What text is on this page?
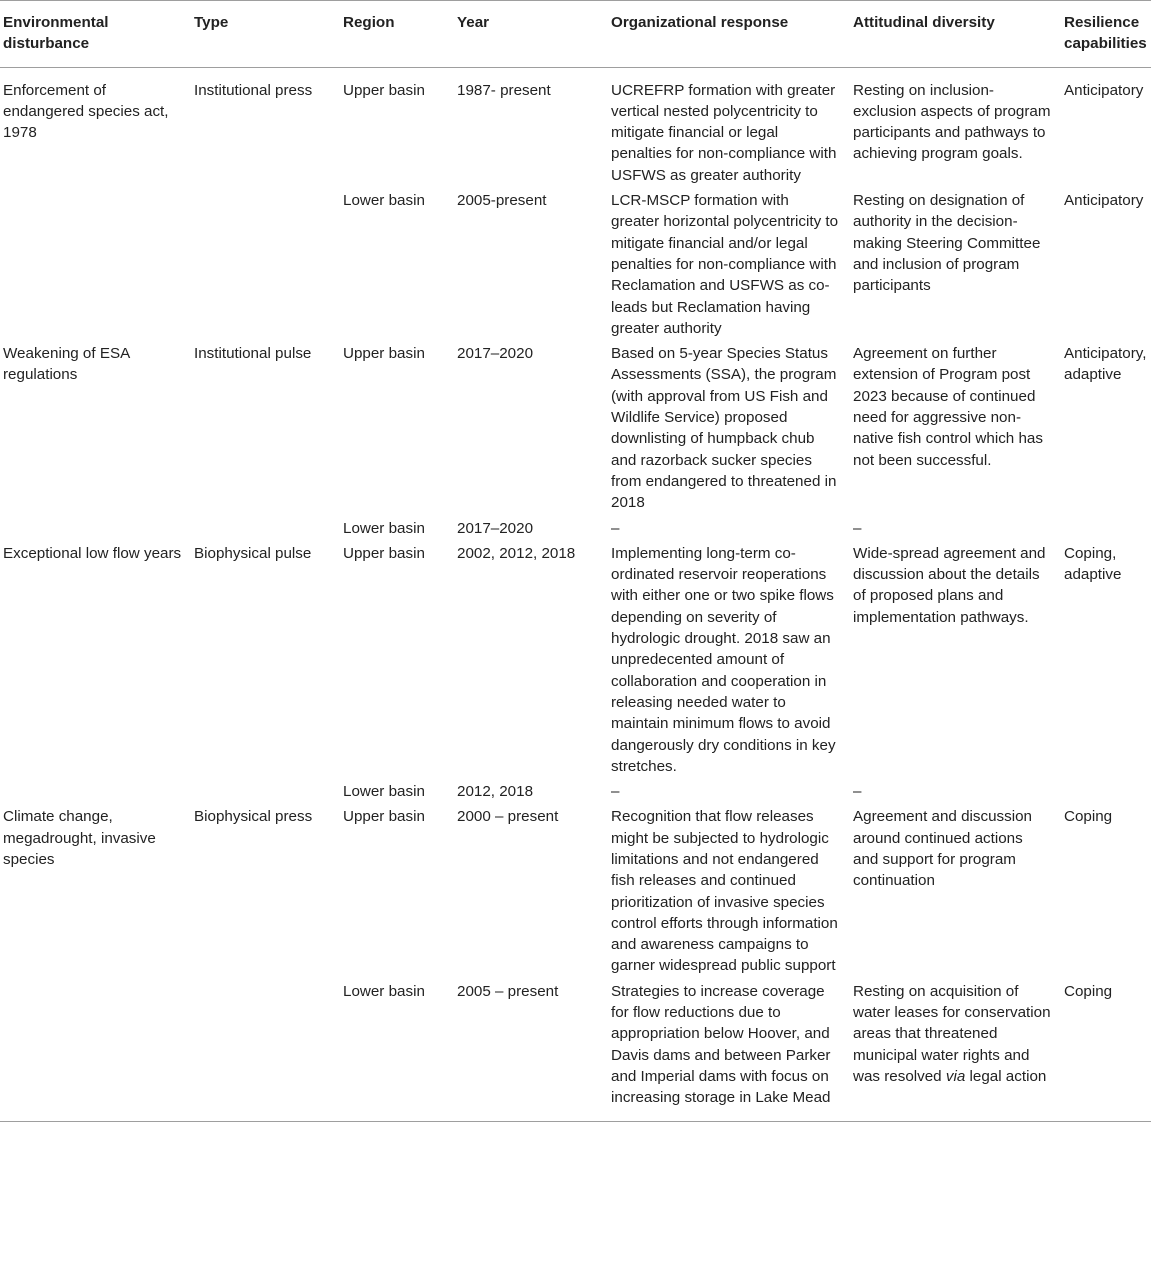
Environmental disturbance	Type	Region	Year	Organizational response	Attitudinal diversity	Resilience capabilities
Enforcement of endangered species act, 1978	Institutional press	Upper basin	1987- present	UCREFRP formation with greater vertical nested polycentricity to mitigate financial or legal penalties for non-compliance with USFWS as greater authority	Resting on inclusion-exclusion aspects of program participants and pathways to achieving program goals.	Anticipatory
		Lower basin	2005-present	LCR-MSCP formation with greater horizontal polycentricity to mitigate financial and/or legal penalties for non-compliance with Reclamation and USFWS as co-leads but Reclamation having greater authority	Resting on designation of authority in the decision-making Steering Committee and inclusion of program participants	Anticipatory
Weakening of ESA regulations	Institutional pulse	Upper basin	2017–2020	Based on 5-year Species Status Assessments (SSA), the program (with approval from US Fish and Wildlife Service) proposed downlisting of humpback chub and razorback sucker species from endangered to threatened in 2018	Agreement on further extension of Program post 2023 because of continued need for aggressive non-native fish control which has not been successful.	Anticipatory, adaptive
		Lower basin	2017–2020	–	–	
Exceptional low flow years	Biophysical pulse	Upper basin	2002, 2012, 2018	Implementing long-term co-ordinated reservoir reoperations with either one or two spike flows depending on severity of hydrologic drought. 2018 saw an unpredecented amount of collaboration and cooperation in releasing needed water to maintain minimum flows to avoid dangerously dry conditions in key stretches.	Wide-spread agreement and discussion about the details of proposed plans and implementation pathways.	Coping, adaptive
		Lower basin	2012, 2018	–	–	
Climate change, megadrought, invasive species	Biophysical press	Upper basin	2000 – present	Recognition that flow releases might be subjected to hydrologic limitations and not endangered fish releases and continued prioritization of invasive species control efforts through information and awareness campaigns to garner widespread public support	Agreement and discussion around continued actions and support for program continuation	Coping
		Lower basin	2005 – present	Strategies to increase coverage for flow reductions due to appropriation below Hoover, and Davis dams and between Parker and Imperial dams with focus on increasing storage in Lake Mead	Resting on acquisition of water leases for conservation areas that threatened municipal water rights and was resolved via legal action	Coping
